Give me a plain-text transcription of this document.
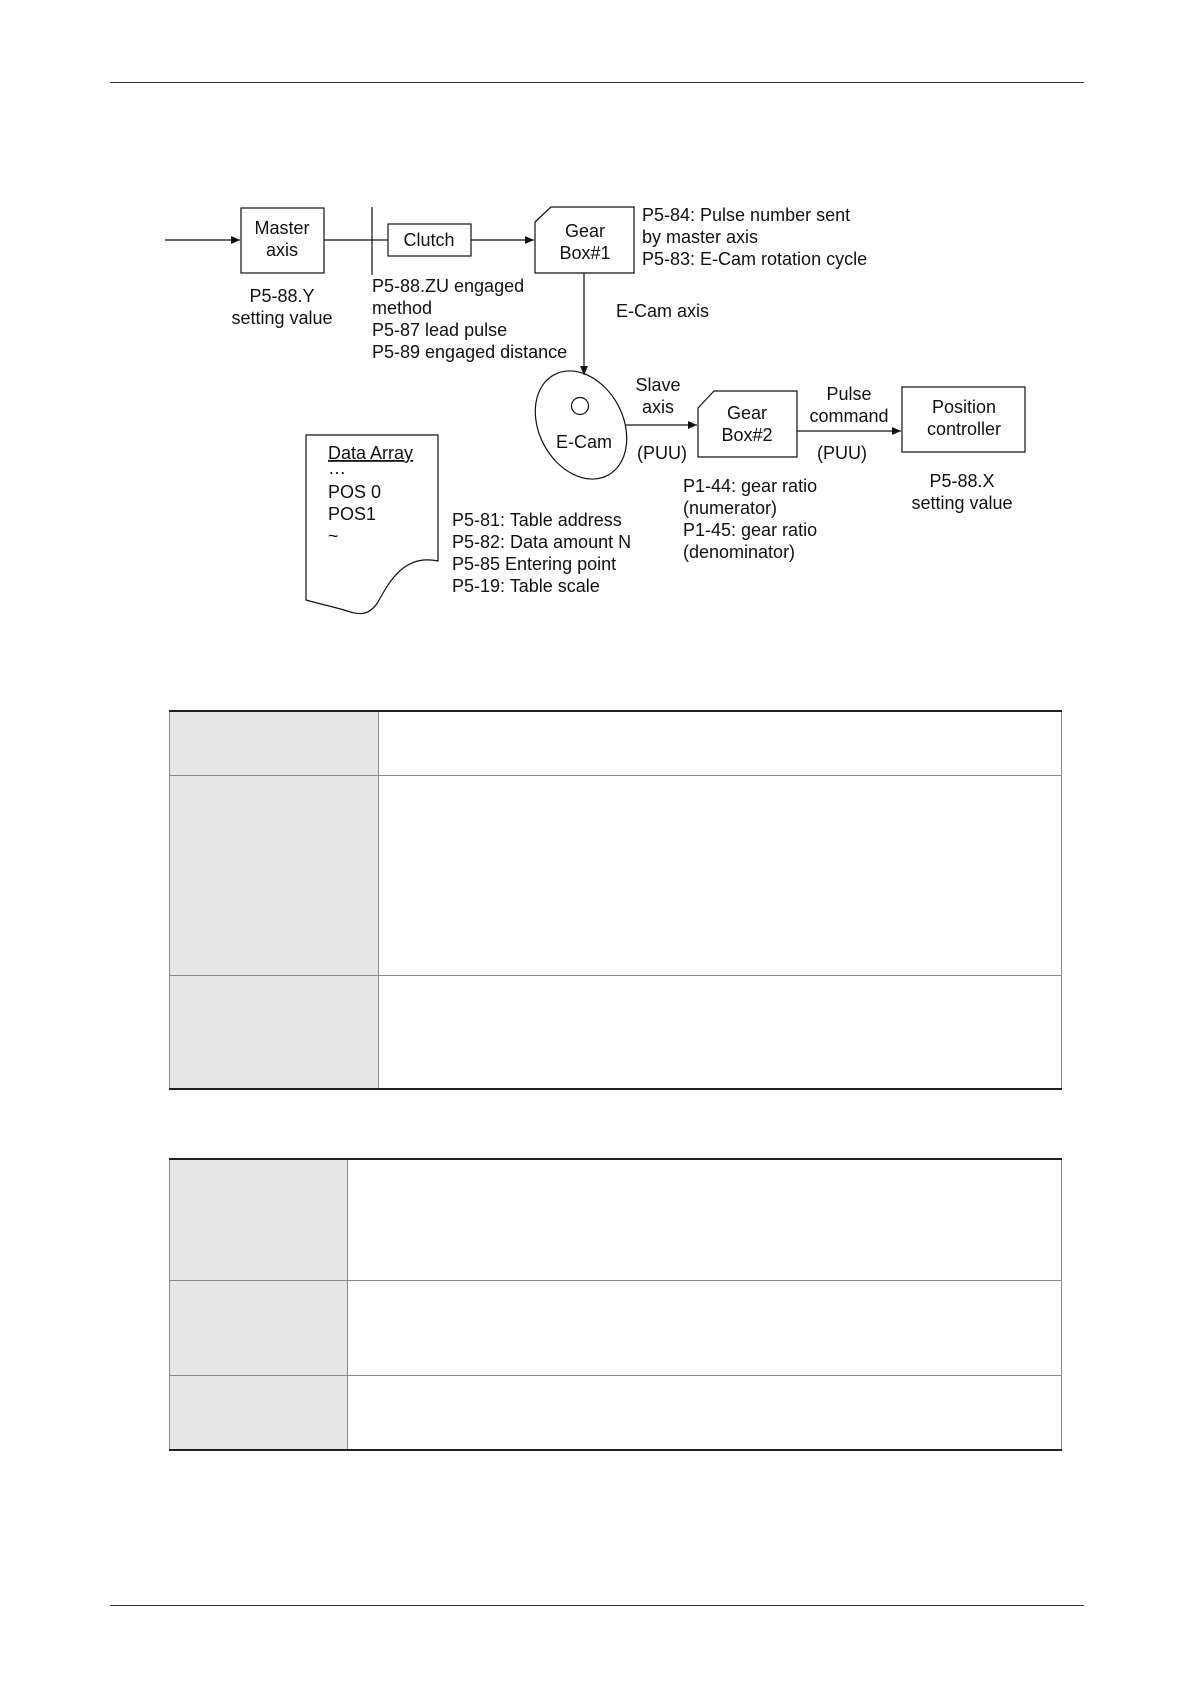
Master
axis
P5-88.Y
setting value
Clutch
P5-88.ZU engaged
method
P5-87 lead pulse
P5-89 engaged distance
Gear
Box#1
P5-84: Pulse number sent
by master axis
P5-83: E-Cam rotation cycle
E-Cam axis
E-Cam
Slave
axis
(PUU)
Gear
Box#2
P1-44: gear ratio
(numerator)
P1-45: gear ratio
(denominator)
Pulse
command
(PUU)
Position
controller
P5-88.X
setting value
Data Array
…
POS 0
POS1
~
P5-81: Table address
P5-82: Data amount N
P5-85 Entering point
P5-19: Table scale
